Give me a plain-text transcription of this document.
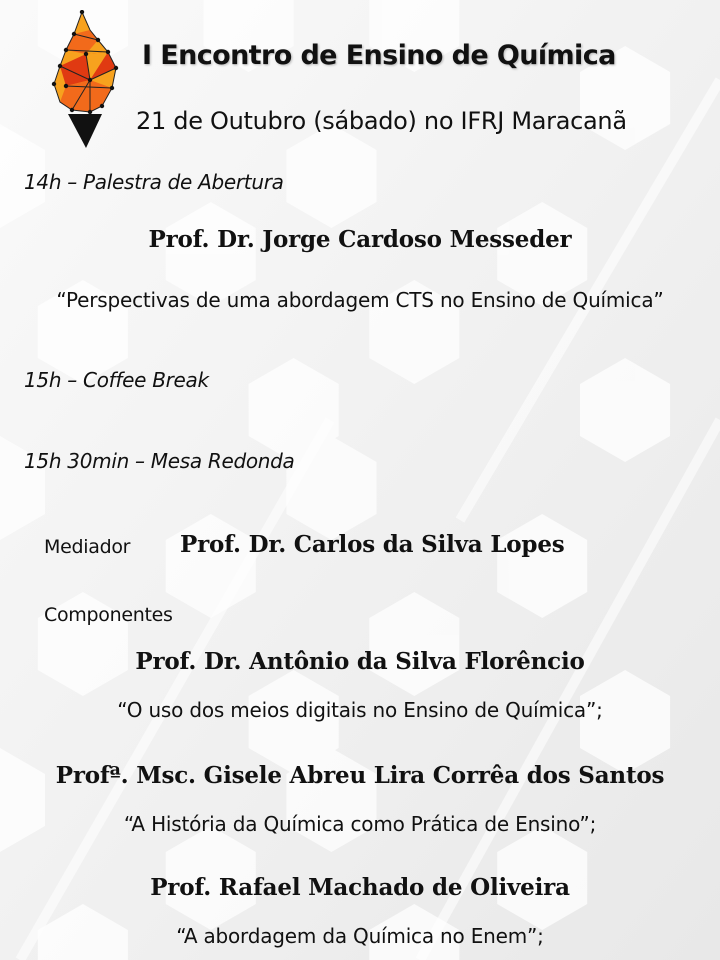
I Encontro de Ensino de Química
21 de Outubro (sábado) no IFRJ Maracanã
14h – Palestra de Abertura
Prof. Dr. Jorge Cardoso Messeder
“Perspectivas de uma abordagem CTS no Ensino de Química”
15h – Coffee Break
15h 30min – Mesa Redonda
Mediador Prof. Dr. Carlos da Silva Lopes
Componentes
Prof. Dr. Antônio da Silva Florêncio
“O uso dos meios digitais no Ensino de Química”;
Profª. Msc. Gisele Abreu Lira Corrêa dos Santos
“A História da Química como Prática de Ensino”;
Prof. Rafael Machado de Oliveira
“A abordagem da Química no Enem”;
